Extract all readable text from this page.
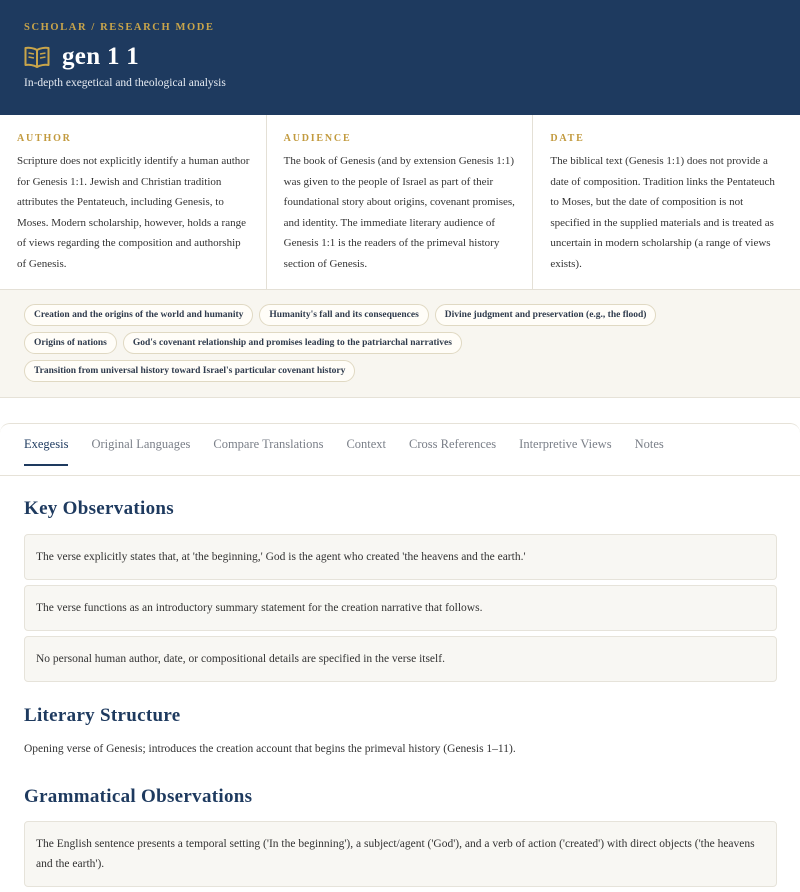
SCHOLAR / RESEARCH MODE
gen 1 1
In-depth exegetical and theological analysis
AUTHOR
Scripture does not explicitly identify a human author for Genesis 1:1. Jewish and Christian tradition attributes the Pentateuch, including Genesis, to Moses. Modern scholarship, however, holds a range of views regarding the composition and authorship of Genesis.
AUDIENCE
The book of Genesis (and by extension Genesis 1:1) was given to the people of Israel as part of their foundational story about origins, covenant promises, and identity. The immediate literary audience of Genesis 1:1 is the readers of the primeval history section of Genesis.
DATE
The biblical text (Genesis 1:1) does not provide a date of composition. Tradition links the Pentateuch to Moses, but the date of composition is not specified in the supplied materials and is treated as uncertain in modern scholarship (a range of views exists).
Creation and the origins of the world and humanity	Humanity's fall and its consequences	Divine judgment and preservation (e.g., the flood)
Origins of nations	God's covenant relationship and promises leading to the patriarchal narratives
Transition from universal history toward Israel's particular covenant history
Exegesis Original Languages Compare Translations Context Cross References Interpretive Views Notes
Key Observations
The verse explicitly states that, at 'the beginning,' God is the agent who created 'the heavens and the earth.'
The verse functions as an introductory summary statement for the creation narrative that follows.
No personal human author, date, or compositional details are specified in the verse itself.
Literary Structure
Opening verse of Genesis; introduces the creation account that begins the primeval history (Genesis 1–11).
Grammatical Observations
The English sentence presents a temporal setting ('In the beginning'), a subject/agent ('God'), and a verb of action ('created') with direct objects ('the heavens and the earth').
